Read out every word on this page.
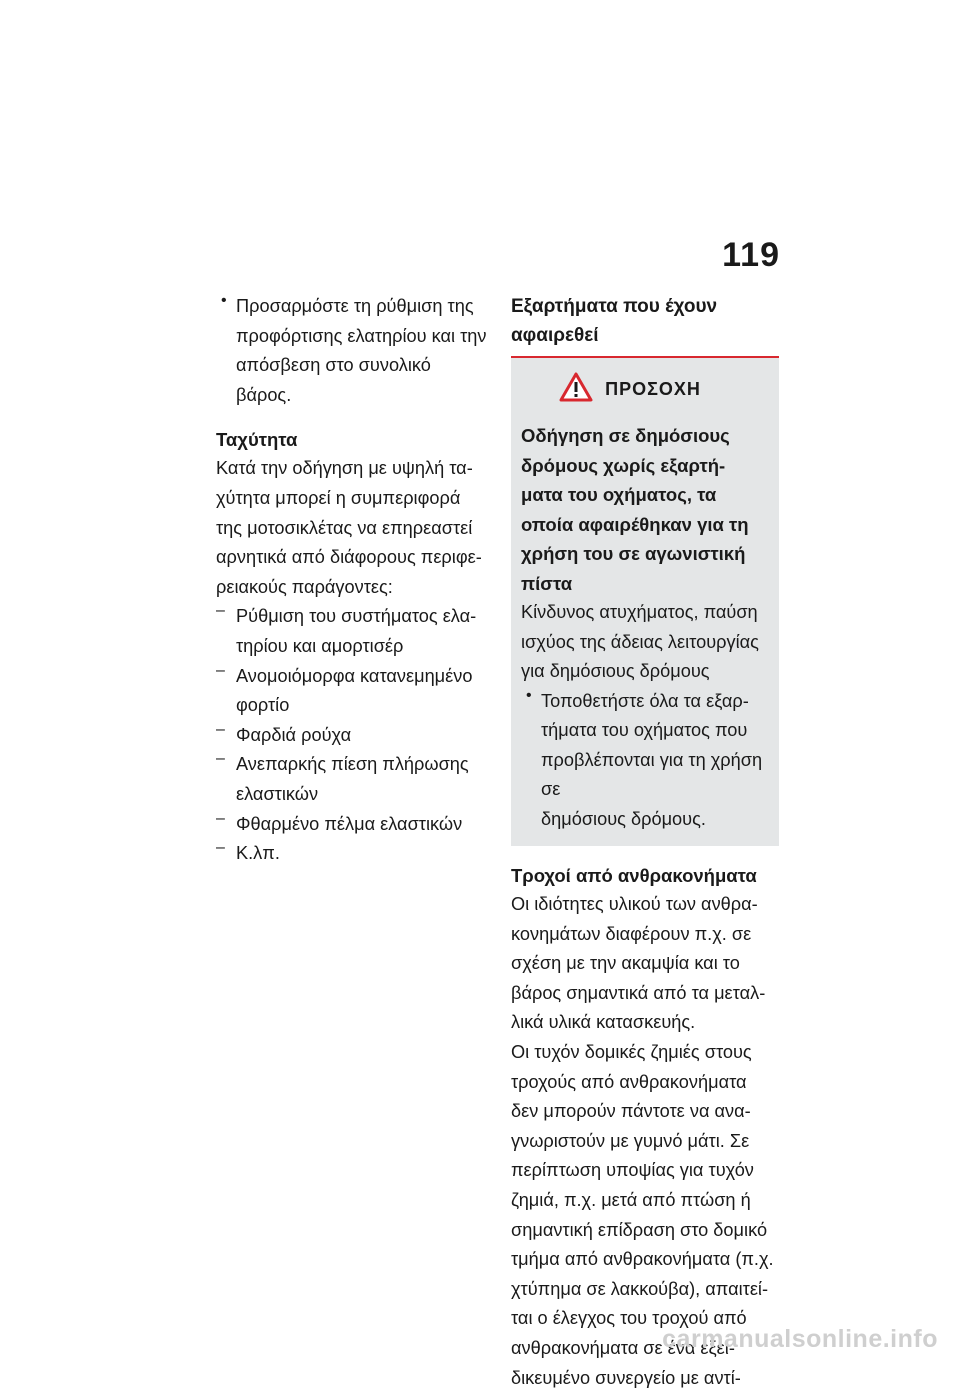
119
• Προσαρμόστε τη ρύθμιση της

προφόρτισης ελατηρίου και την

απόσβεση στο συνολικό βάρος.

Ταχύτητα

Κατά την οδήγηση με υψηλή τα-

χύτητα μπορεί η συμπεριφορά

της μοτοσικλέτας να επηρεαστεί

αρνητικά από διάφορους περιφε-

ρειακούς παράγοντες:

– Ρύθμιση του συστήματος ελα-

τηρίου και αμορτισέρ

– Ανομοιόμορφα κατανεμημένο

φορτίο

– Φαρδιά ρούχα

– Ανεπαρκής πίεση πλήρωσης

ελαστικών

– Φθαρμένο πέλμα ελαστικών

– Κ.λπ.

Εξαρτήματα που έχουν

αφαιρεθεί

ΠΡΟΣΟΧΗ

Οδήγηση σε δημόσιους

δρόμους χωρίς εξαρτή-

ματα του οχήματος, τα

οποία αφαιρέθηκαν για τη

χρήση του σε αγωνιστική

πίστα

Κίνδυνος ατυχήματος, παύση

ισχύος της άδειας λειτουργίας

για δημόσιους δρόμους

• Τοποθετήστε όλα τα εξαρ-

τήματα του οχήματος που

προβλέπονται για τη χρήση σε

δημόσιους δρόμους.

Τροχοί από ανθρακονήματα

Οι ιδιότητες υλικού των ανθρα-

κονημάτων διαφέρουν π.χ. σε

σχέση με την ακαμψία και το

βάρος σημαντικά από τα μεταλ-

λικά υλικά κατασκευής.

Οι τυχόν δομικές ζημιές στους

τροχούς από ανθρακονήματα

δεν μπορούν πάντοτε να ανα-

γνωριστούν με γυμνό μάτι. Σε

περίπτωση υποψίας για τυχόν

ζημιά, π.χ. μετά από πτώση ή

σημαντική επίδραση στο δομικό

τμήμα από ανθρακονήματα (π.χ.

χτύπημα σε λακκούβα), απαιτεί-

ται ο έλεγχος του τροχού από

ανθρακονήματα σε ένα εξει-

δικευμένο συνεργείο με αντί-

carmanualsonline.info
